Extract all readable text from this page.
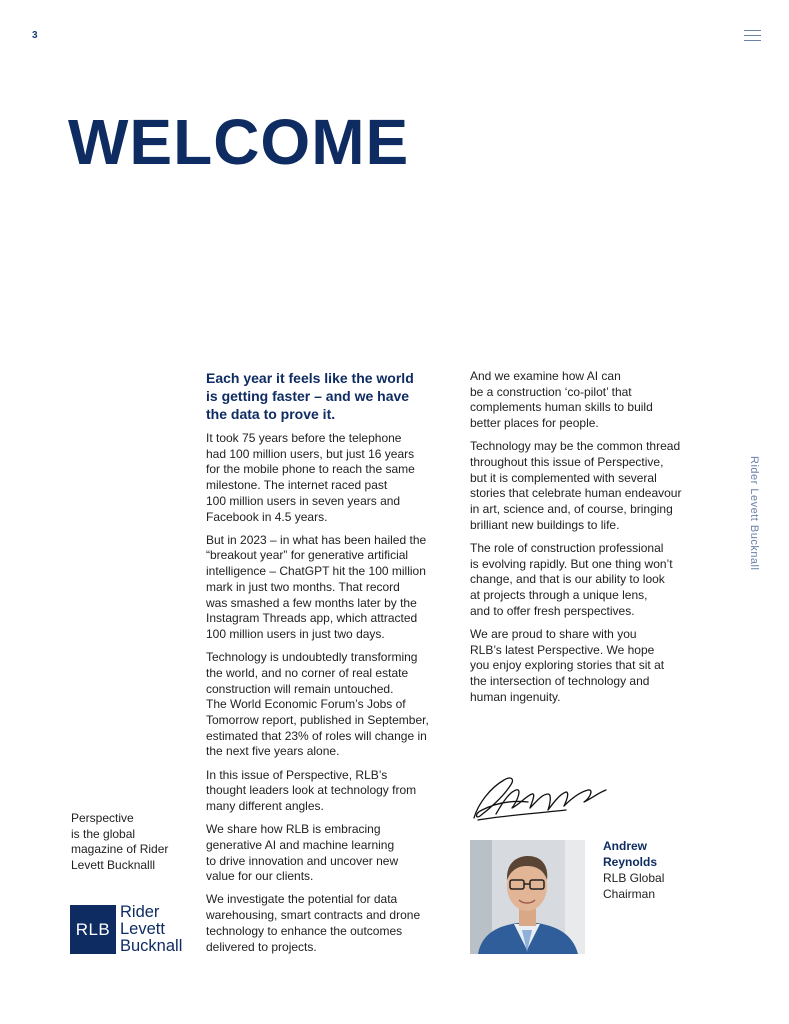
3
WELCOME
Rider Levett Bucknall
Each year it feels like the world
is getting faster – and we have
the data to prove it.

It took 75 years before the telephone
had 100 million users, but just 16 years
for the mobile phone to reach the same
milestone. The internet raced past
100 million users in seven years and
Facebook in 4.5 years.

But in 2023 – in what has been hailed the
“breakout year” for generative artificial
intelligence – ChatGPT hit the 100 million
mark in just two months. That record
was smashed a few months later by the
Instagram Threads app, which attracted
100 million users in just two days.

Technology is undoubtedly transforming
the world, and no corner of real estate
construction will remain untouched.
The World Economic Forum’s Jobs of
Tomorrow report, published in September,
estimated that 23% of roles will change in
the next five years alone.

In this issue of Perspective, RLB’s
thought leaders look at technology from
many different angles.

We share how RLB is embracing
generative AI and machine learning
to drive innovation and uncover new
value for our clients.

We investigate the potential for data
warehousing, smart contracts and drone
technology to enhance the outcomes
delivered to projects.

And we examine how AI can
be a construction ‘co-pilot’ that
complements human skills to build
better places for people.

Technology may be the common thread
throughout this issue of Perspective,
but it is complemented with several
stories that celebrate human endeavour
in art, science and, of course, bringing
brilliant new buildings to life.

The role of construction professional
is evolving rapidly. But one thing won’t
change, and that is our ability to look
at projects through a unique lens,
and to offer fresh perspectives.

We are proud to share with you
RLB’s latest Perspective. We hope
you enjoy exploring stories that sit at
the intersection of technology and
human ingenuity.

Perspective
is the global
magazine of Rider
Levett Bucknalll
RLB
Rider
Levett
Bucknall
Andrew
Reynolds
RLB Global
Chairman
